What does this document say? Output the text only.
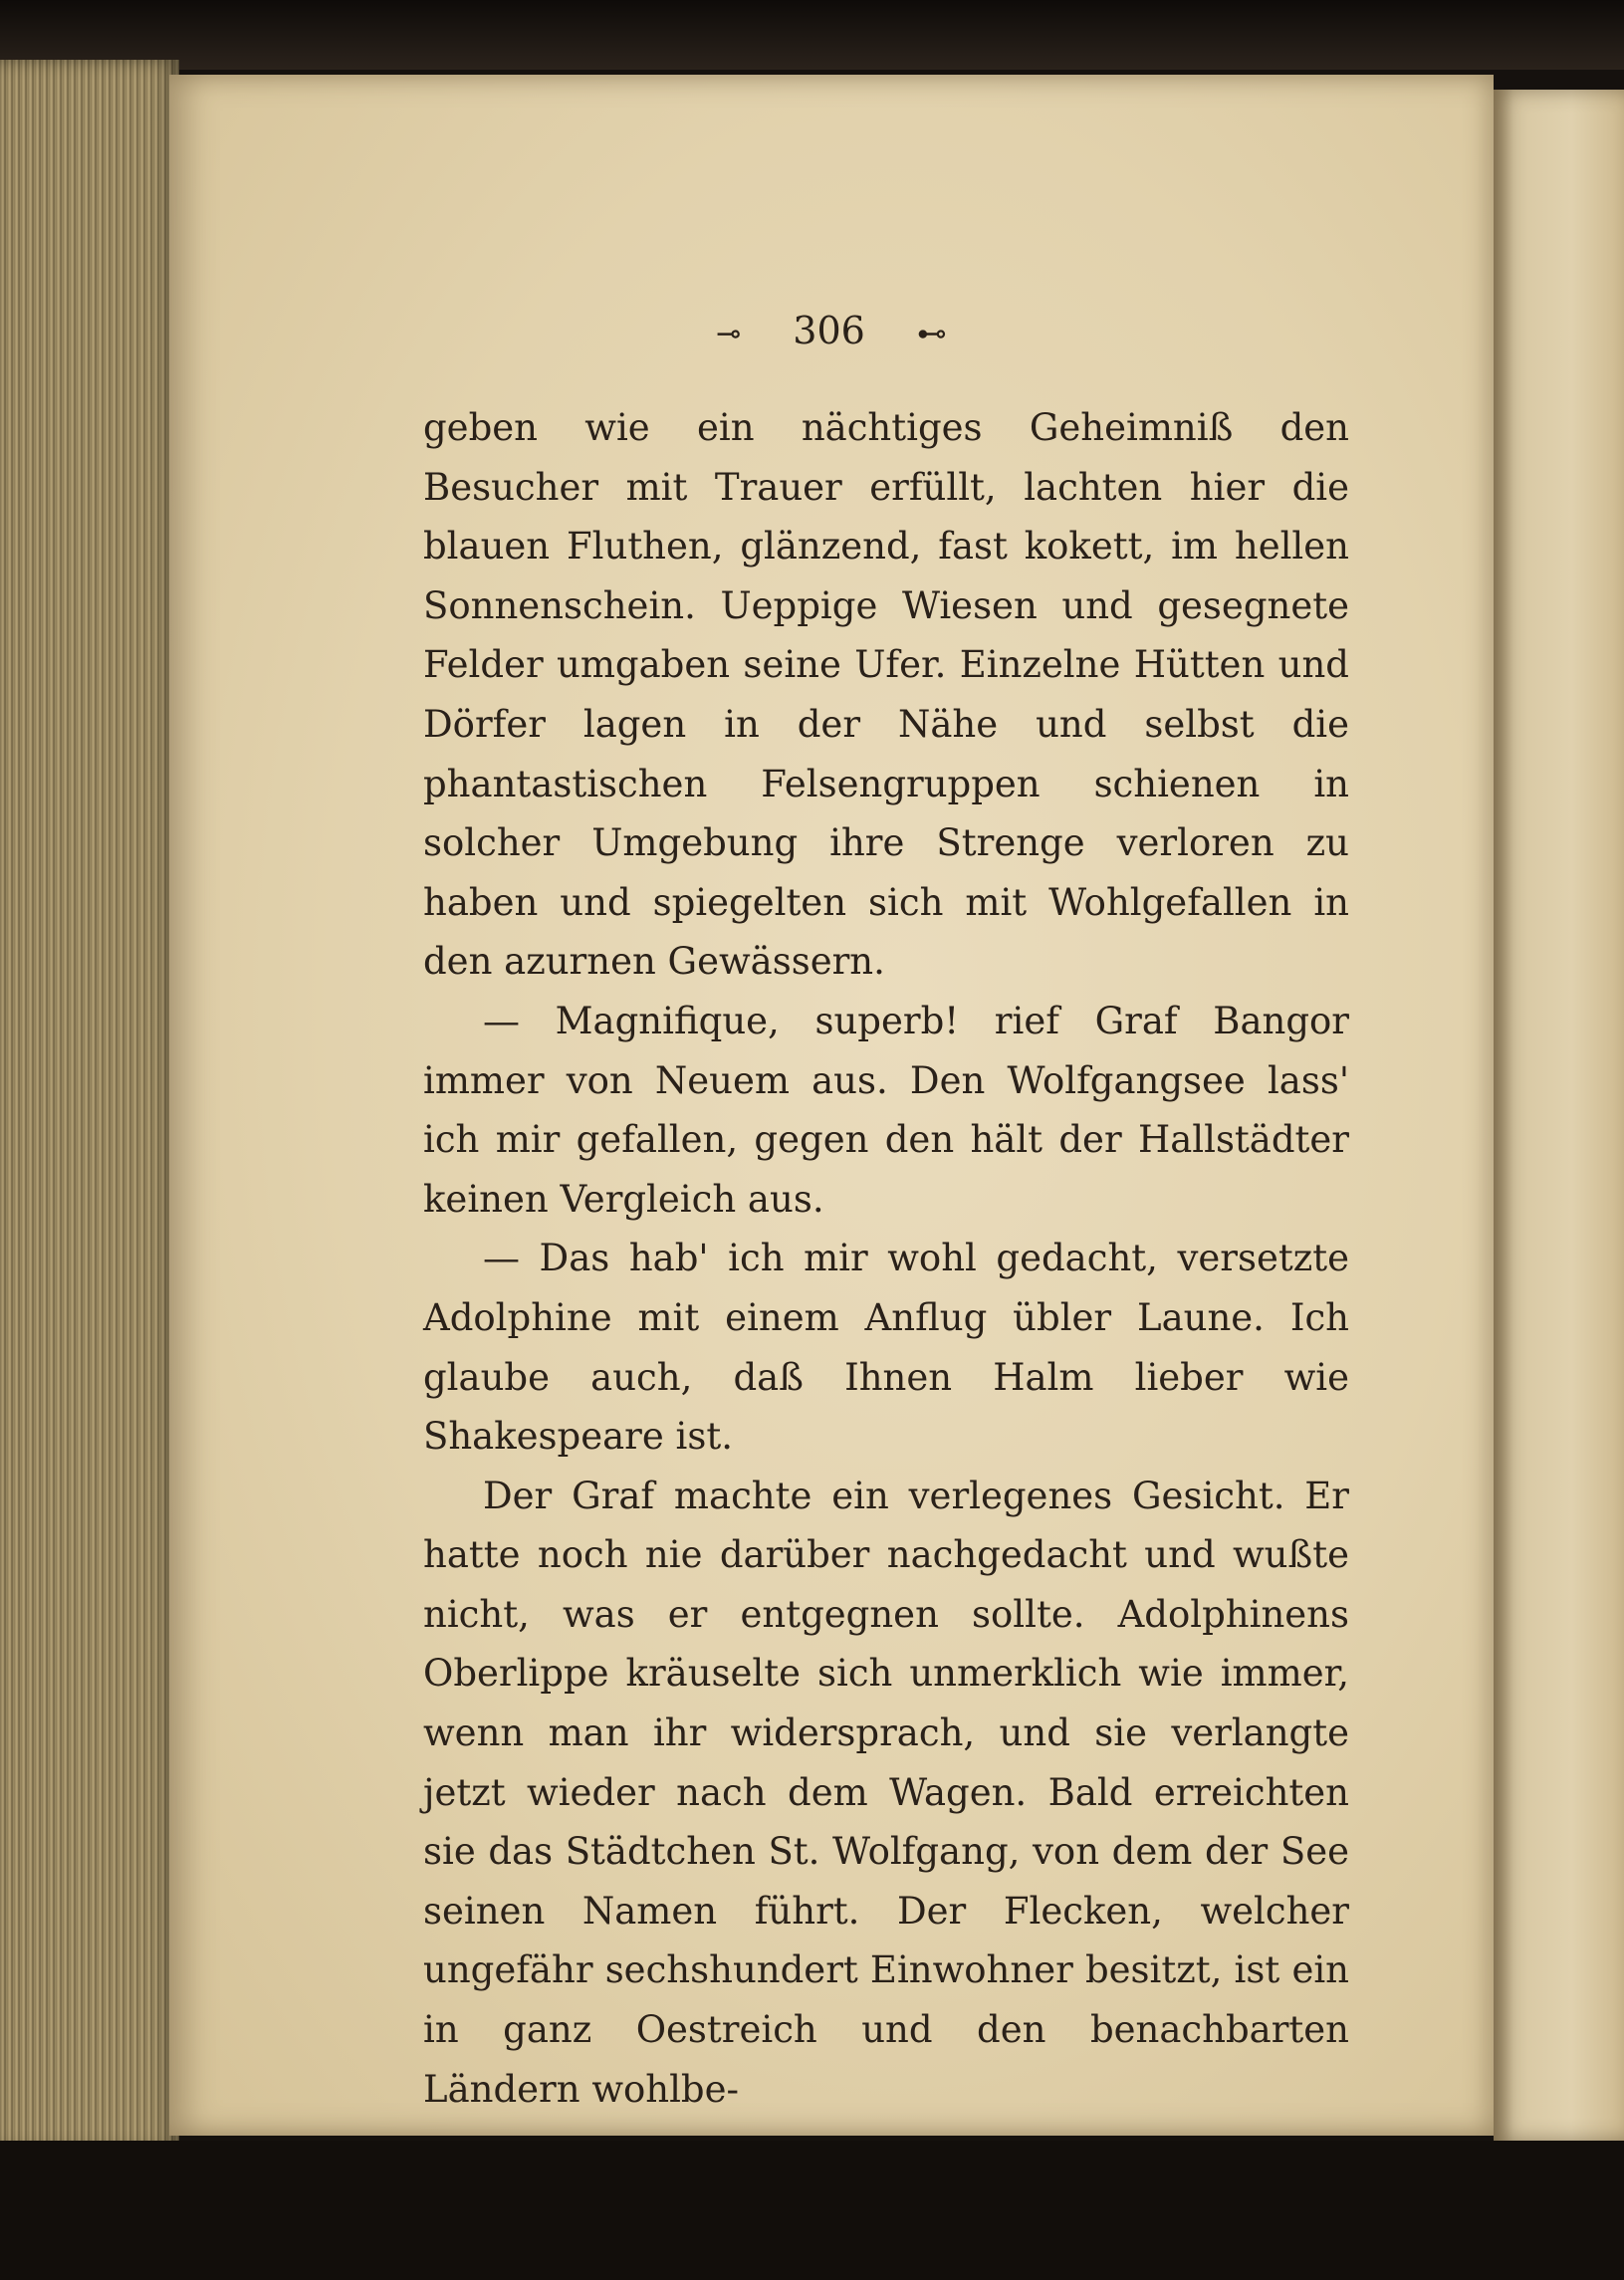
⊸ 306 ⊷

geben wie ein nächtiges Geheimniß den Besucher mit Trauer erfüllt, lachten hier die blauen Fluthen, glänzend, fast kokett, im hellen Sonnenschein. Ueppige Wiesen und gesegnete Felder umgaben seine Ufer. Einzelne Hütten und Dörfer lagen in der Nähe und selbst die phantastischen Felsengruppen schienen in solcher Umgebung ihre Strenge verloren zu haben und spiegelten sich mit Wohlgefallen in den azurnen Gewässern.

— Magnifique, superb! rief Graf Bangor immer von Neuem aus. Den Wolfgangsee lass' ich mir gefallen, gegen den hält der Hallstädter keinen Vergleich aus.

— Das hab' ich mir wohl gedacht, versetzte Adolphine mit einem Anflug übler Laune. Ich glaube auch, daß Ihnen Halm lieber wie Shakespeare ist.

Der Graf machte ein verlegenes Gesicht. Er hatte noch nie darüber nachgedacht und wußte nicht, was er entgegnen sollte. Adolphinens Oberlippe kräuselte sich unmerklich wie immer, wenn man ihr widersprach, und sie verlangte jetzt wieder nach dem Wagen. Bald erreichten sie das Städtchen St. Wolfgang, von dem der See seinen Namen führt. Der Flecken, welcher ungefähr sechshundert Einwohner besitzt, ist ein in ganz Oestreich und den benachbarten Ländern wohlbe-
